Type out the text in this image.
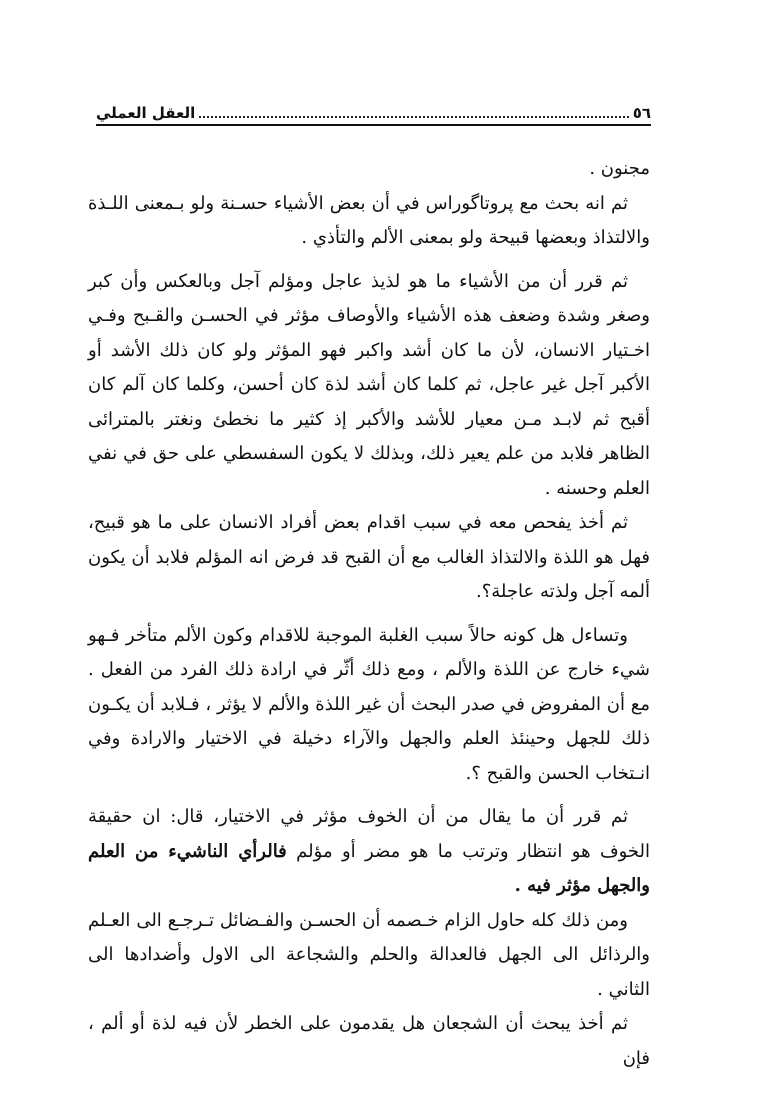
٥٦
العقل العملي

مجنون .

ثم انه بحث مع پروتاگوراس في أن بعض الأشياء حسـنة ولو بـمعنى اللـذة والالتذاذ وبعضها قبيحة ولو بمعنى الألم والتأذي .

ثم قرر أن من الأشياء ما هو لذيذ عاجل ومؤلم آجل وبالعكس وأن كبر وصغر وشدة وضعف هذه الأشياء والأوصاف مؤثر في الحسـن والقـبح وفـي اخـتيار الانسان، لأن ما كان أشد واكبر فهو المؤثر ولو كان ذلك الأشد أو الأكبر آجل غير عاجل، ثم كلما كان أشد لذة كان أحسن، وكلما كان آلم كان أقبح ثم لابـد مـن معيار للأشد والأكبر إذ كثير ما نخطئ ونغتر بالمترائى الظاهر فلابد من علم يعير ذلك، وبذلك لا يكون السفسطي على حق في نفي العلم وحسنه .

ثم أخذ يفحص معه في سبب اقدام بعض أفراد الانسان على ما هو قبيح، فهل هو اللذة والالتذاذ الغالب مع أن القبح قد فرض انه المؤلم فلابد أن يكون ألمه آجل ولذته عاجلة؟.

وتساءل هل كونه حالاً سبب الغلبة الموجبة للاقدام وكون الألم متأخر فـهو شيء خارج عن اللذة والألم ، ومع ذلك أثّر في ارادة ذلك الفرد من الفعل . مع أن المفروض في صدر البحث أن غير اللذة والألم لا يؤثر ، فـلابد أن يكـون ذلك للجهل وحينئذ العلم والجهل والآراء دخيلة في الاختيار والارادة وفي انـتخاب الحسن والقبح ؟.

ثم قرر أن ما يقال من أن الخوف مؤثر في الاختيار، قال: ان حقيقة الخوف هو انتظار وترتب ما هو مضر أو مؤلم فالرأي الناشيء من العلم والجهل مؤثر فيه .

ومن ذلك كله حاول الزام خـصمه أن الحسـن والفـضائل تـرجـع الى العـلم والرذائل الى الجهل فالعدالة والحلم والشجاعة الى الاول وأضدادها الى الثاني .

ثم أخذ يبحث أن الشجعان هل يقدمون على الخطر لأن فيه لذة أو ألم ، فإن
